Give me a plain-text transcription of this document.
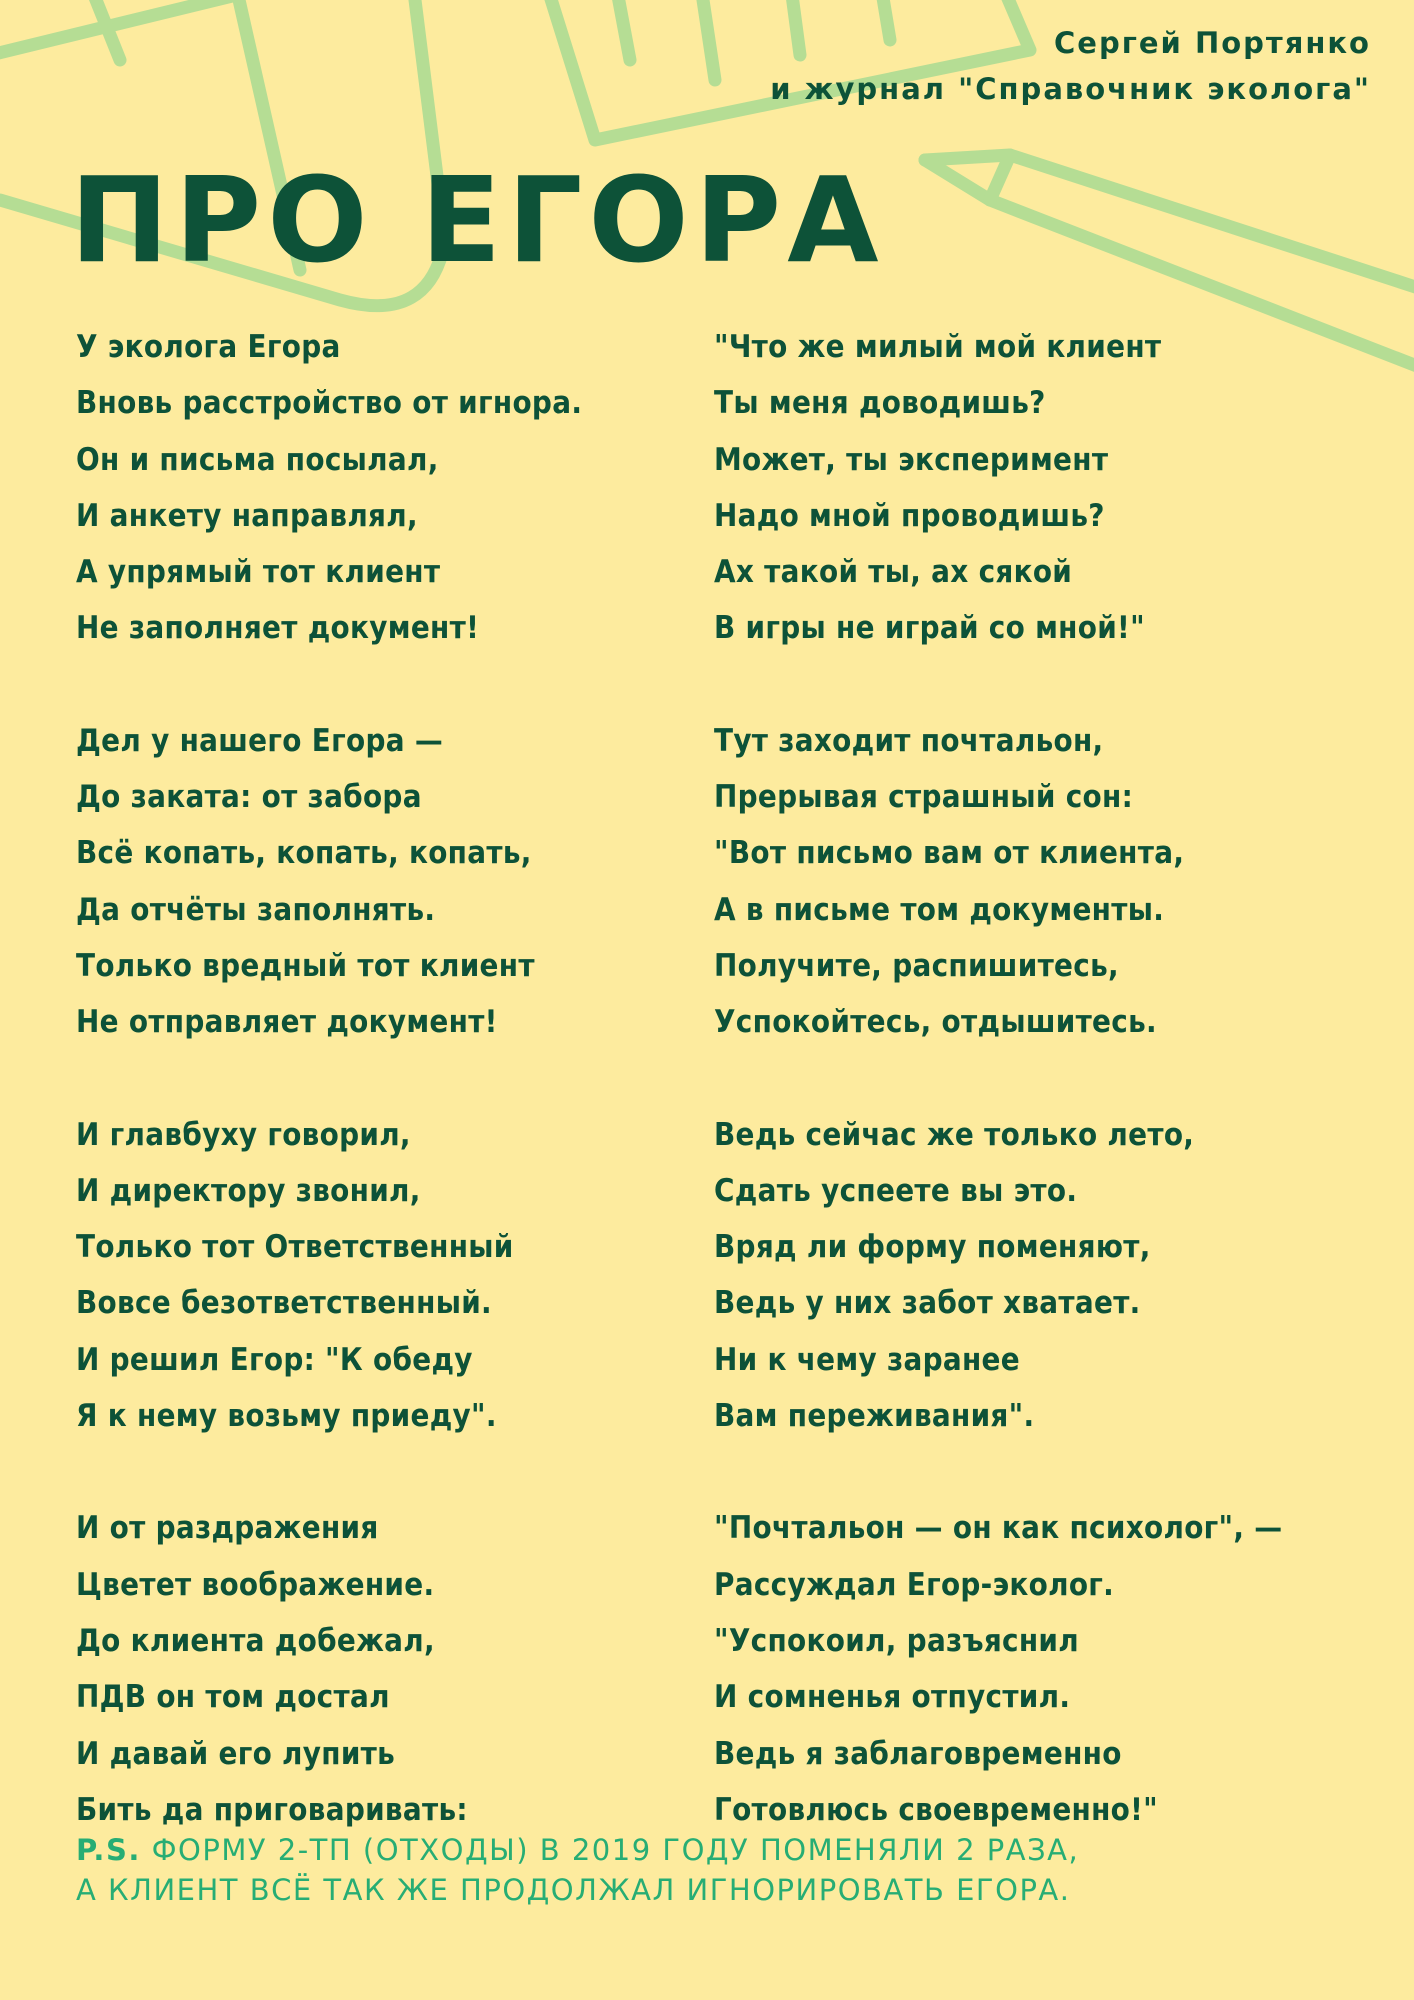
Сергей Портянко
и журнал "Справочник эколога"
ПРО ЕГОРА
У эколога Егора
Вновь расстройство от игнора.
Он и письма посылал,
И анкету направлял,
А упрямый тот клиент
Не заполняет документ!
Дел у нашего Егора —
До заката: от забора
Всё копать, копать, копать,
Да отчёты заполнять.
Только вредный тот клиент
Не отправляет документ!
И главбуху говорил,
И директору звонил,
Только тот Ответственный
Вовсе безответственный.
И решил Егор: "К обеду
Я к нему возьму приеду".
И от раздражения
Цветет воображение.
До клиента добежал,
ПДВ он том достал
И давай его лупить
Бить да приговаривать:
"Что же милый мой клиент
Ты меня доводишь?
Может, ты эксперимент
Надо мной проводишь?
Ах такой ты, ах сякой
В игры не играй со мной!"
Тут заходит почтальон,
Прерывая страшный сон:
"Вот письмо вам от клиента,
А в письме том документы.
Получите, распишитесь,
Успокойтесь, отдышитесь.
Ведь сейчас же только лето,
Сдать успеете вы это.
Вряд ли форму поменяют,
Ведь у них забот хватает.
Ни к чему заранее
Вам переживания".
"Почтальон — он как психолог", —
Рассуждал Егор-эколог.
"Успокоил, разъяснил
И сомненья отпустил.
Ведь я заблаговременно
Готовлюсь своевременно!"
P.S. ФОРМУ 2-ТП (ОТХОДЫ) В 2019 ГОДУ ПОМЕНЯЛИ 2 РАЗА,
А КЛИЕНТ ВСЁ ТАК ЖЕ ПРОДОЛЖАЛ ИГНОРИРОВАТЬ ЕГОРА.
